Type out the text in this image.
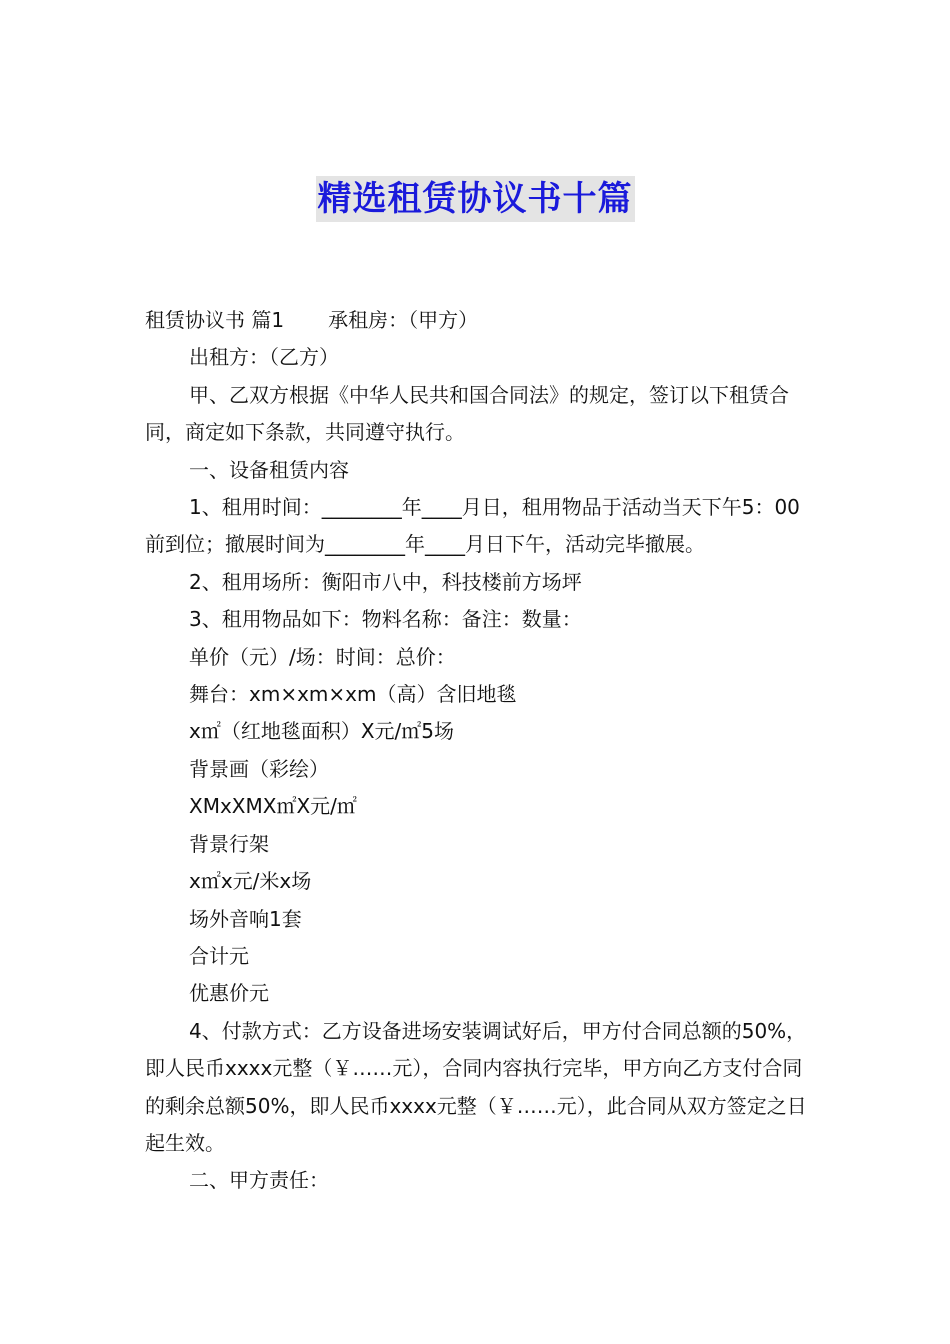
精选租赁协议书十篇

租赁协议书 篇1 承租房：（甲方）

出租方：（乙方）

甲、乙双方根据《中华人民共和国合同法》的规定，签订以下租赁合同，商定如下条款，共同遵守执行。

一、设备租赁内容

1、租用时间：________年____月日，租用物品于活动当天下午5：00前到位；撤展时间为________年____月日下午，活动完毕撤展。

2、租用场所：衡阳市八中，科技楼前方场坪

3、租用物品如下：物料名称：备注：数量：

单价（元）/场：时间：总价：

舞台：xm×xm×xm（高）含旧地毯

x㎡（红地毯面积）X元/㎡5场

背景画（彩绘）

XMxXMX㎡X元/㎡

背景行架

x㎡x元/米x场

场外音响1套

合计元

优惠价元

4、付款方式：乙方设备进场安装调试好后，甲方付合同总额的50%，即人民币xxxx元整（￥……元），合同内容执行完毕，甲方向乙方支付合同的剩余总额50%，即人民币xxxx元整（￥……元），此合同从双方签定之日起生效。

二、甲方责任：
